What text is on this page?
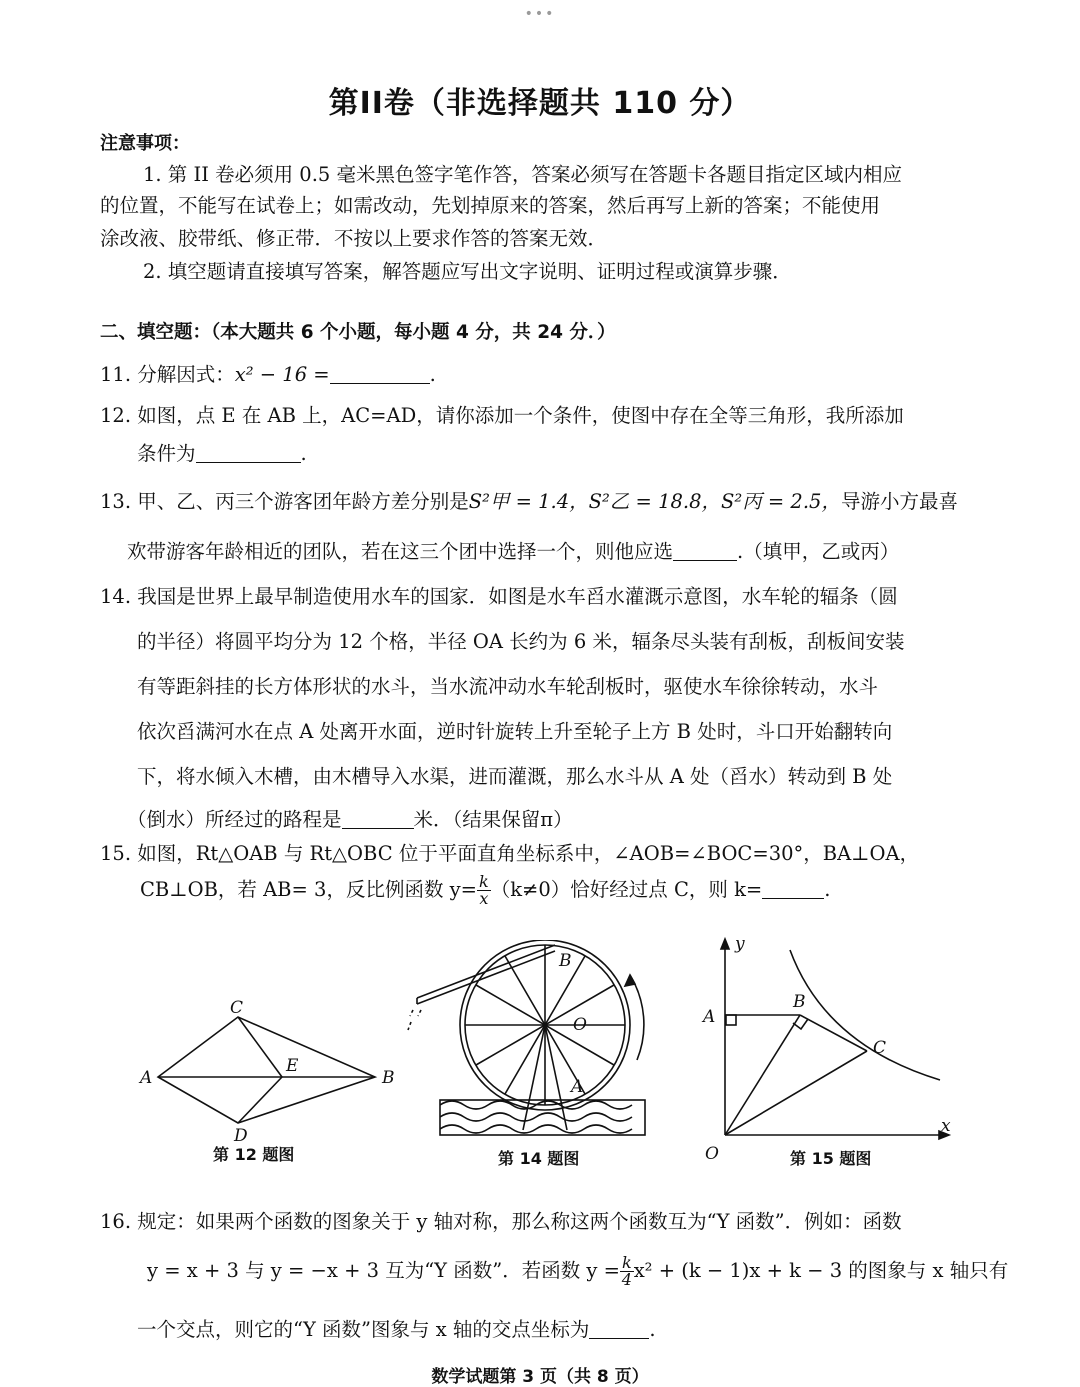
•••
第II卷（非选择题共 110 分）
注意事项：
1. 第 II 卷必须用 0.5 毫米黑色签字笔作答，答案必须写在答题卡各题目指定区域内相应
的位置，不能写在试卷上；如需改动，先划掉原来的答案，然后再写上新的答案；不能使用
涂改液、胶带纸、修正带．不按以上要求作答的答案无效．
2. 填空题请直接填写答案，解答题应写出文字说明、证明过程或演算步骤．
二、填空题：（本大题共 6 个小题，每小题 4 分，共 24 分．）
11. 分解因式：x² − 16 =	.
12. 如图，点 E 在 AB 上，AC=AD，请你添加一个条件，使图中存在全等三角形，我所添加
条件为	.
13. 甲、乙、丙三个游客团年龄方差分别是S²甲 = 1.4，S²乙 = 18.8，S²丙 = 2.5，导游小方最喜
欢带游客年龄相近的团队，若在这三个团中选择一个，则他应选	.（填甲，乙或丙）
14. 我国是世界上最早制造使用水车的国家．如图是水车舀水灌溉示意图，水车轮的辐条（圆
的半径）将圆平均分为 12 个格，半径 OA 长约为 6 米，辐条尽头装有刮板，刮板间安装
有等距斜挂的长方体形状的水斗，当水流冲动水车轮刮板时，驱使水车徐徐转动，水斗
依次舀满河水在点 A 处离开水面，逆时针旋转上升至轮子上方 B 处时，斗口开始翻转向
下，将水倾入木槽，由木槽导入水渠，进而灌溉，那么水斗从 A 处（舀水）转动到 B 处
（倒水）所经过的路程是	米．（结果保留π）
15. 如图，Rt△OAB 与 Rt△OBC 位于平面直角坐标系中，∠AOB=∠BOC=30°，BA⊥OA，
CB⊥OB，若 AB= 3，反比例函数 $y= \frac{k}{x} (k\ne 0)$恰好经过点 C，则 k=	.
A
C
B
E
D
第 12 题图
B
O
A
第 14 题图
y
x
A
B
C
O	第 15 题图
16. 规定：如果两个函数的图象关于 y 轴对称，那么称这两个函数互为“Y 函数”．例如：函数
y = x + 3 与 y = −x + 3 互为“Y 函数”．若函数 $y = \frac{k}{4} x^2 + (k - 1)x + k - 3$ 的图象与 x 轴只有
一个交点，则它的“Y 函数”图象与 x 轴的交点坐标为	.
数学试题第 3 页（共 8 页）
